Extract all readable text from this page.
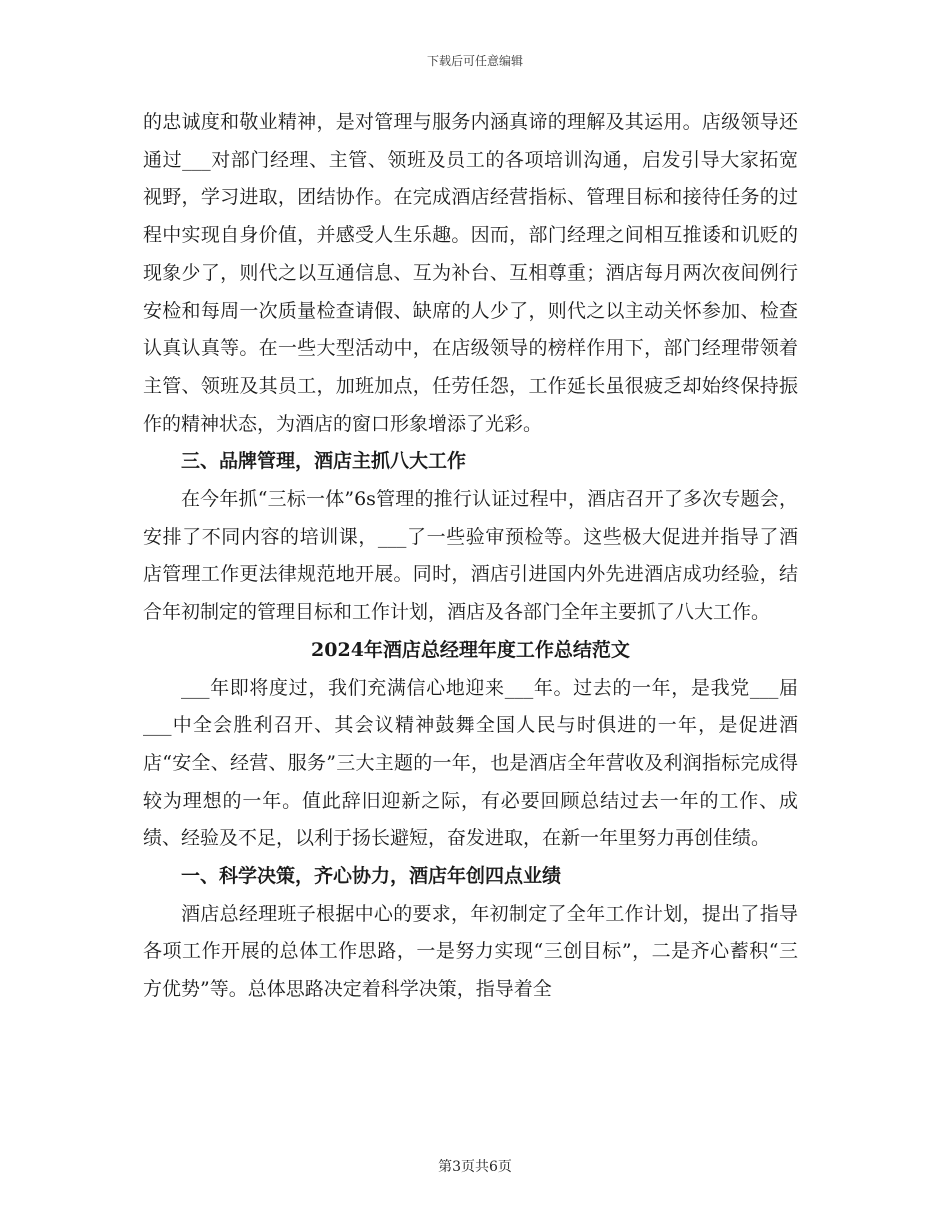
下载后可任意编辑

的忠诚度和敬业精神，是对管理与服务内涵真谛的理解及其运用。店级领导还通过___对部门经理、主管、领班及员工的各项培训沟通，启发引导大家拓宽视野，学习进取，团结协作。在完成酒店经营指标、管理目标和接待任务的过程中实现自身价值，并感受人生乐趣。因而，部门经理之间相互推诿和讥贬的现象少了，则代之以互通信息、互为补台、互相尊重；酒店每月两次夜间例行安检和每周一次质量检查请假、缺席的人少了，则代之以主动关怀参加、检查认真认真等。在一些大型活动中，在店级领导的榜样作用下，部门经理带领着主管、领班及其员工，加班加点，任劳任怨，工作延长虽很疲乏却始终保持振作的精神状态，为酒店的窗口形象增添了光彩。

三、品牌管理，酒店主抓八大工作

在今年抓“三标一体”6s管理的推行认证过程中，酒店召开了多次专题会，安排了不同内容的培训课，___了一些验审预检等。这些极大促进并指导了酒店管理工作更法律规范地开展。同时，酒店引进国内外先进酒店成功经验，结合年初制定的管理目标和工作计划，酒店及各部门全年主要抓了八大工作。

2024年酒店总经理年度工作总结范文

___年即将度过，我们充满信心地迎来___年。过去的一年，是我党___届___中全会胜利召开、其会议精神鼓舞全国人民与时俱进的一年，是促进酒店“安全、经营、服务”三大主题的一年，也是酒店全年营收及利润指标完成得较为理想的一年。值此辞旧迎新之际，有必要回顾总结过去一年的工作、成绩、经验及不足，以利于扬长避短，奋发进取，在新一年里努力再创佳绩。

一、科学决策，齐心协力，酒店年创四点业绩

酒店总经理班子根据中心的要求，年初制定了全年工作计划，提出了指导各项工作开展的总体工作思路，一是努力实现“三创目标”，二是齐心蓄积“三方优势”等。总体思路决定着科学决策，指导着全

第3页共6页
